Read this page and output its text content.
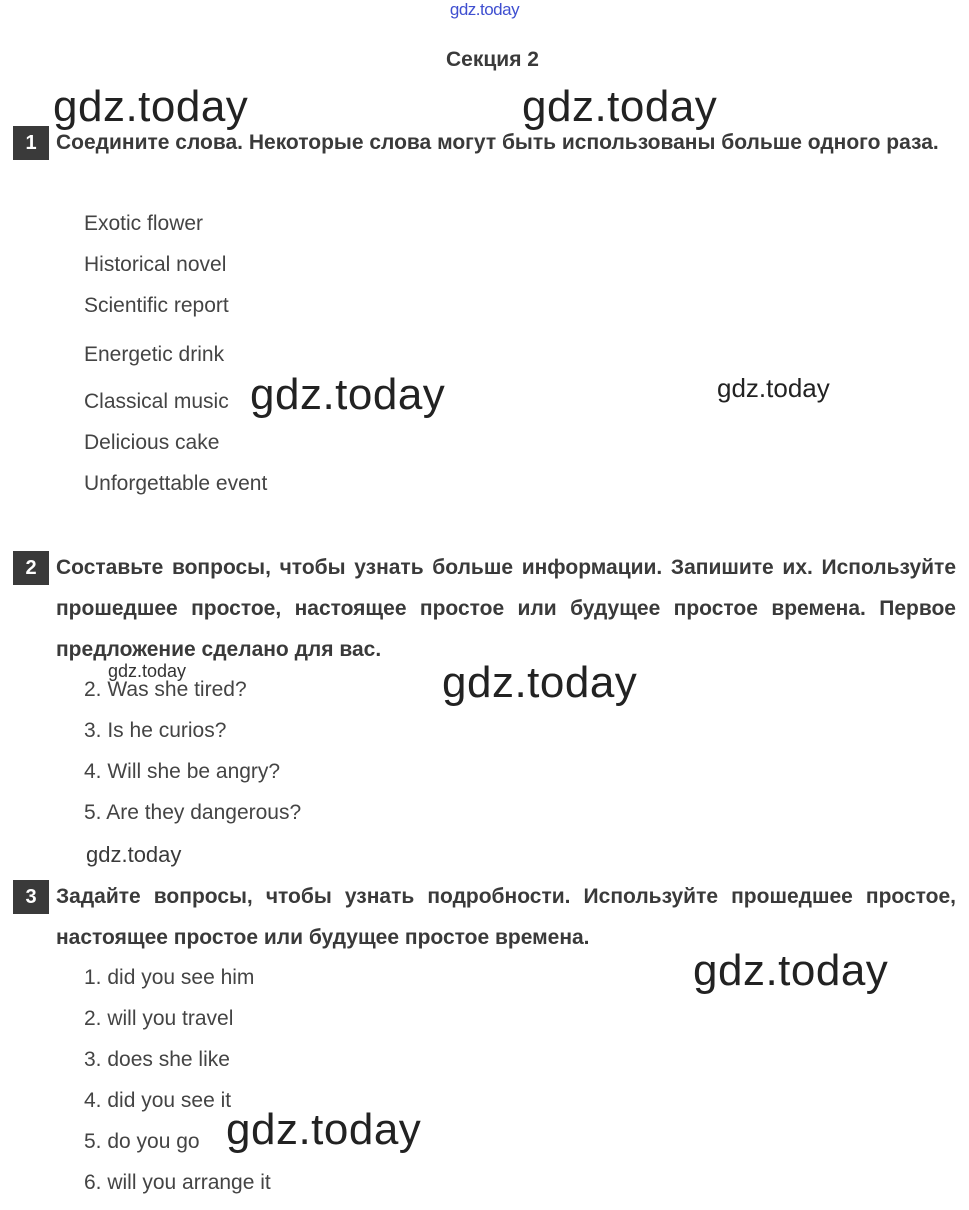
gdz.today
Секция 2
1 Соедините слова. Некоторые слова могут быть использованы больше одного раза.

Exotic flower
Historical novel
Scientific report
Energetic drink
Classical music
Delicious cake
Unforgettable event
2 Составьте вопросы, чтобы узнать больше информации. Запишите их. Используйте прошедшее простое, настоящее простое или будущее простое времена. Первое предложение сделано для вас.

2. Was she tired?
3. Is he curios?
4. Will she be angry?
5. Are they dangerous?
3 Задайте вопросы, чтобы узнать подробности. Используйте прошедшее простое, настоящее простое или будущее простое времена.

1. did you see him
2. will you travel
3. does she like
4. did you see it
5. do you go
6. will you arrange it
gdz.today	gdz.today
gdz.today	gdz.today
gdz.today	gdz.today
gdz.today
gdz.today
gdz.today
